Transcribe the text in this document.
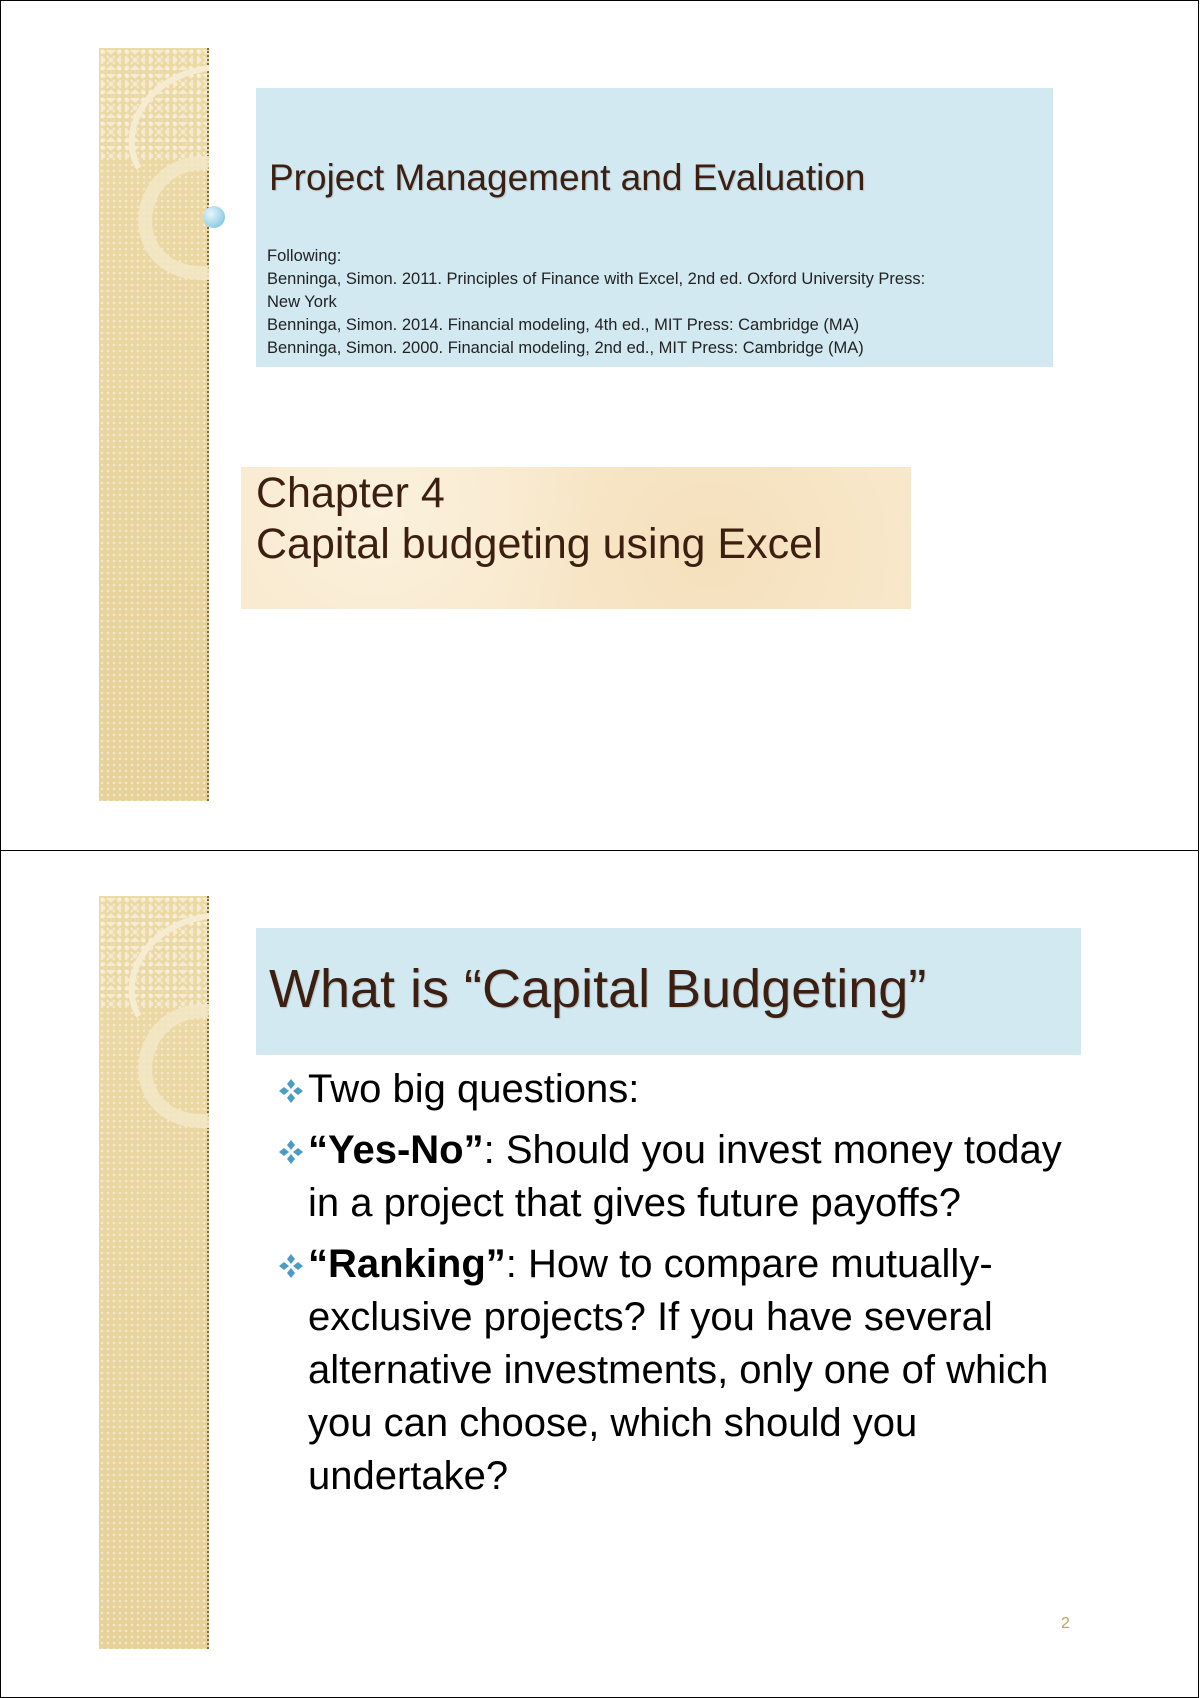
Project Management and Evaluation
Following:
Benninga, Simon. 2011. Principles of Finance with Excel, 2nd ed. Oxford University Press:
New York
Benninga, Simon. 2014. Financial modeling, 4th ed., MIT Press: Cambridge (MA)
Benninga, Simon. 2000. Financial modeling, 2nd ed., MIT Press: Cambridge (MA)
Chapter 4
Capital budgeting using Excel
What is “Capital Budgeting”
Two big questions:
“Yes-No”: Should you invest money today in a project that gives future payoffs?
“Ranking”: How to compare mutually-exclusive projects? If you have several alternative investments, only one of which you can choose, which should you undertake?
2
